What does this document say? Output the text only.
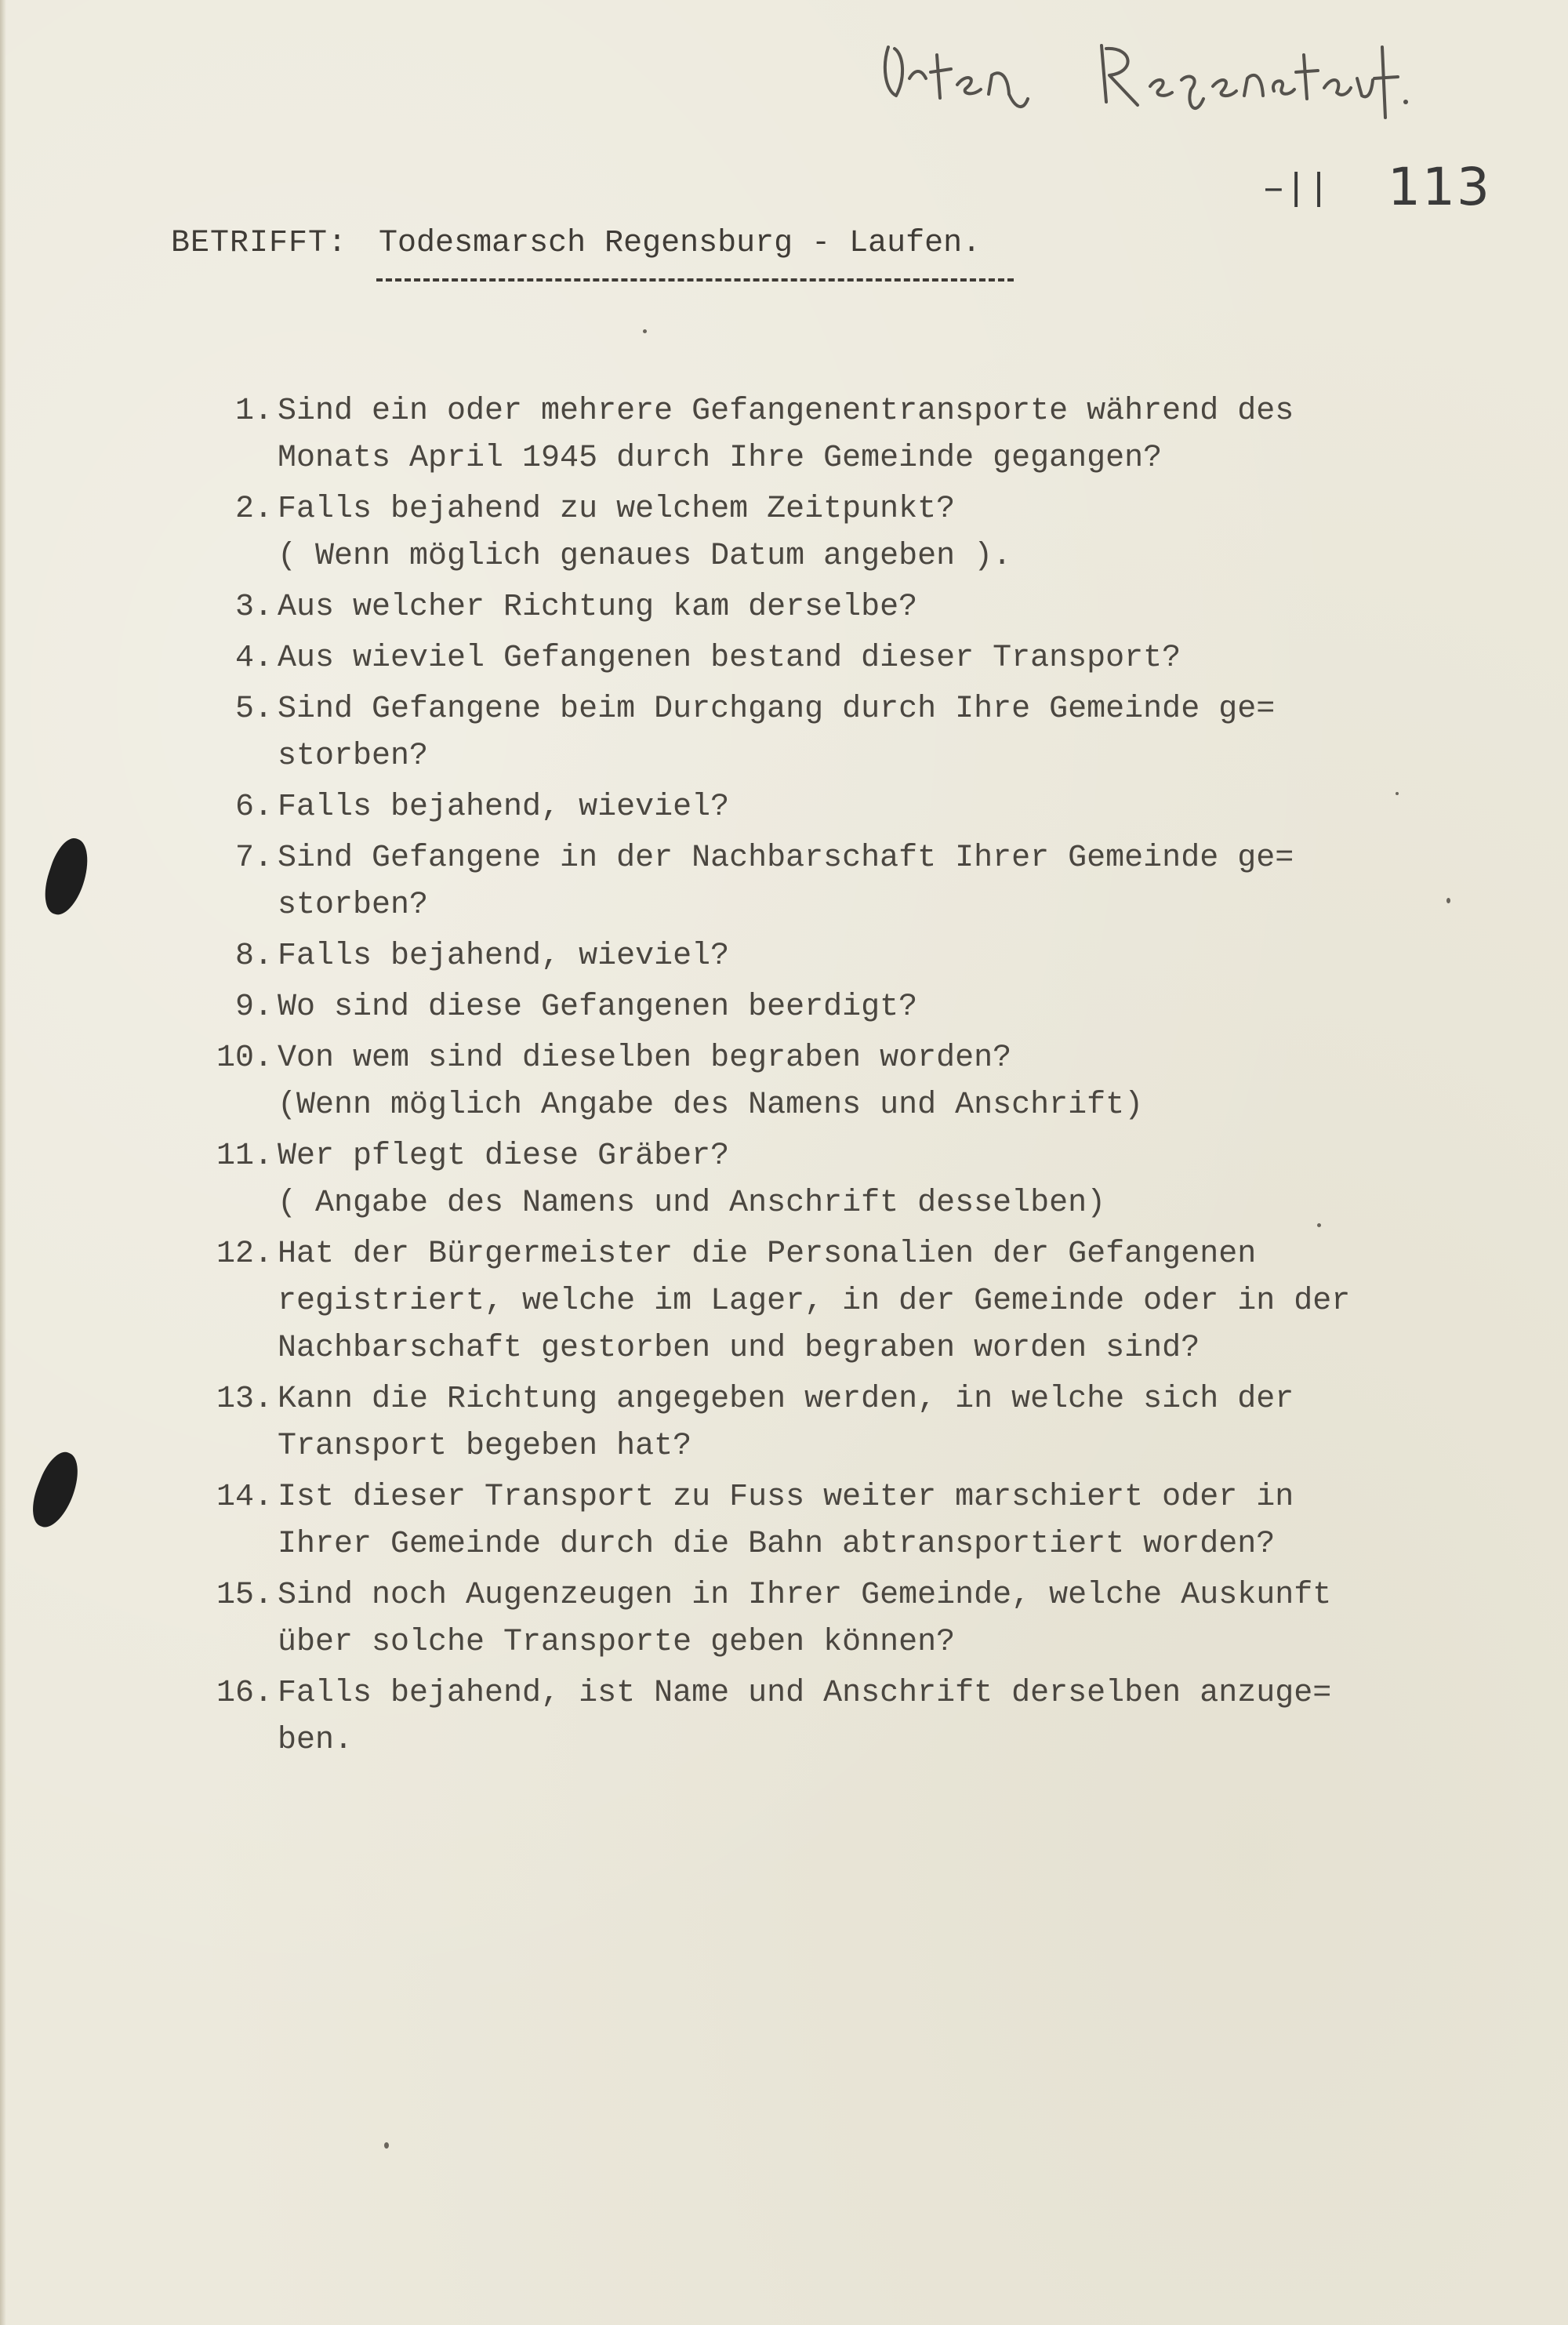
–|| 113
BETRIFFT: Todesmarsch Regensburg - Laufen.
1. Sind ein oder mehrere Gefangenentransporte während des
Monats April 1945 durch Ihre Gemeinde gegangen?
2. Falls bejahend zu welchem Zeitpunkt?
( Wenn möglich genaues Datum angeben ).
3. Aus welcher Richtung kam derselbe?
4. Aus wieviel Gefangenen bestand dieser Transport?
5. Sind Gefangene beim Durchgang durch Ihre Gemeinde ge=
storben?
6. Falls bejahend, wieviel?
7. Sind Gefangene in der Nachbarschaft Ihrer Gemeinde ge=
storben?
8. Falls bejahend, wieviel?
9. Wo sind diese Gefangenen beerdigt?
10. Von wem sind dieselben begraben worden?
(Wenn möglich Angabe des Namens und Anschrift)
11. Wer pflegt diese Gräber?
( Angabe des Namens und Anschrift desselben)
12. Hat der Bürgermeister die Personalien der Gefangenen
registriert, welche im Lager, in der Gemeinde oder in der
Nachbarschaft gestorben und begraben worden sind?
13. Kann die Richtung angegeben werden, in welche sich der
Transport begeben hat?
14. Ist dieser Transport zu Fuss weiter marschiert oder in
Ihrer Gemeinde durch die Bahn abtransportiert worden?
15. Sind noch Augenzeugen in Ihrer Gemeinde, welche Auskunft
über solche Transporte geben können?
16. Falls bejahend, ist Name und Anschrift derselben anzuge=
ben.
